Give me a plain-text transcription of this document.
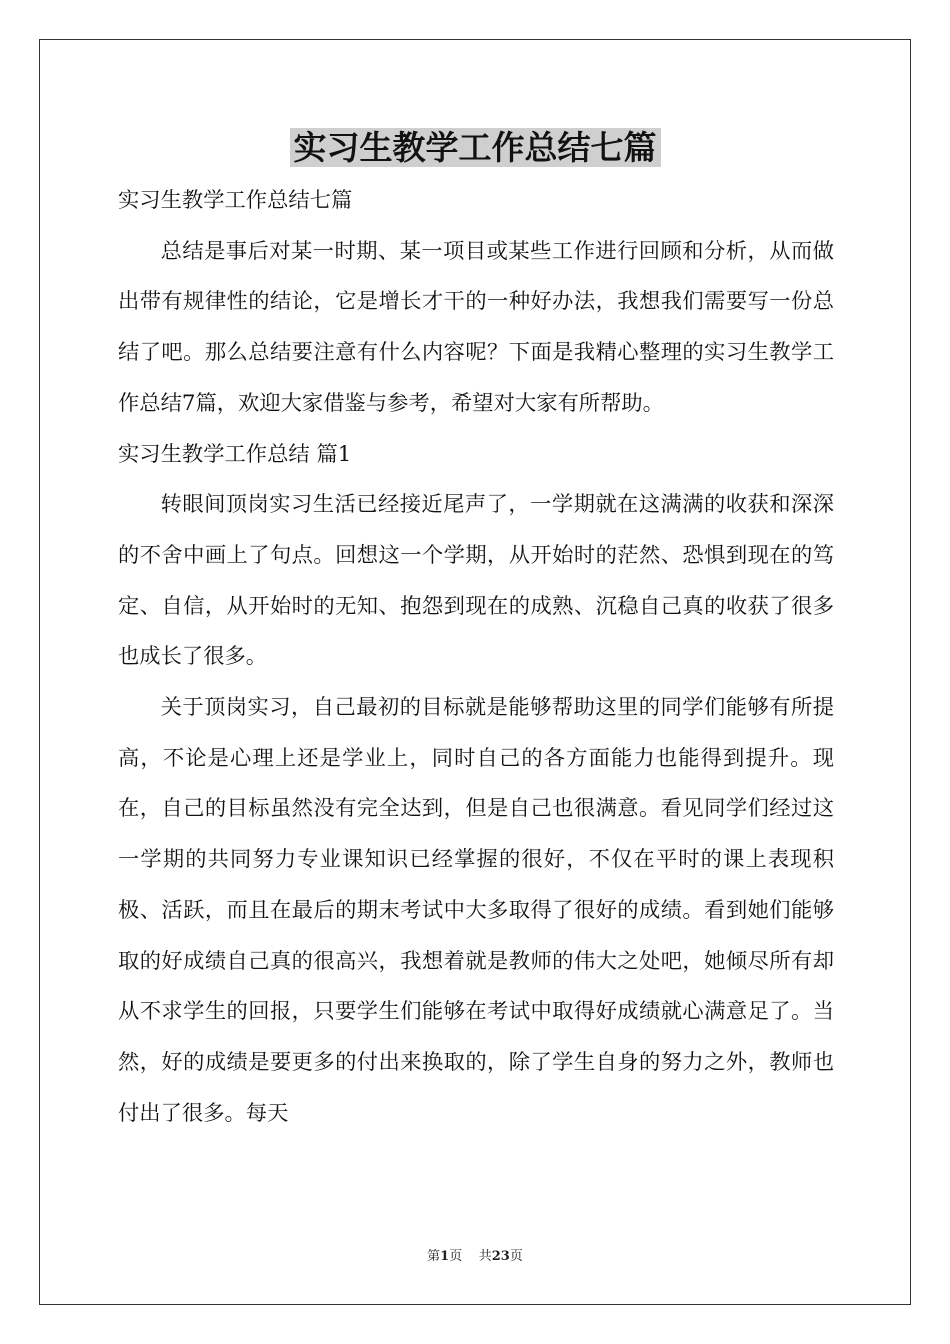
实习生教学工作总结七篇

实习生教学工作总结七篇

总结是事后对某一时期、某一项目或某些工作进行回顾和分析，从而做出带有规律性的结论，它是增长才干的一种好办法，我想我们需要写一份总结了吧。那么总结要注意有什么内容呢？下面是我精心整理的实习生教学工作总结7篇，欢迎大家借鉴与参考，希望对大家有所帮助。

实习生教学工作总结 篇1

转眼间顶岗实习生活已经接近尾声了，一学期就在这满满的收获和深深的不舍中画上了句点。回想这一个学期，从开始时的茫然、恐惧到现在的笃定、自信，从开始时的无知、抱怨到现在的成熟、沉稳自己真的收获了很多也成长了很多。

关于顶岗实习，自己最初的目标就是能够帮助这里的同学们能够有所提高，不论是心理上还是学业上，同时自己的各方面能力也能得到提升。现在，自己的目标虽然没有完全达到，但是自己也很满意。看见同学们经过这一学期的共同努力专业课知识已经掌握的很好，不仅在平时的课上表现积极、活跃，而且在最后的期末考试中大多取得了很好的成绩。看到她们能够取的好成绩自己真的很高兴，我想着就是教师的伟大之处吧，她倾尽所有却从不求学生的回报，只要学生们能够在考试中取得好成绩就心满意足了。当然，好的成绩是要更多的付出来换取的，除了学生自身的努力之外，教师也付出了很多。每天

第1页 共23页
